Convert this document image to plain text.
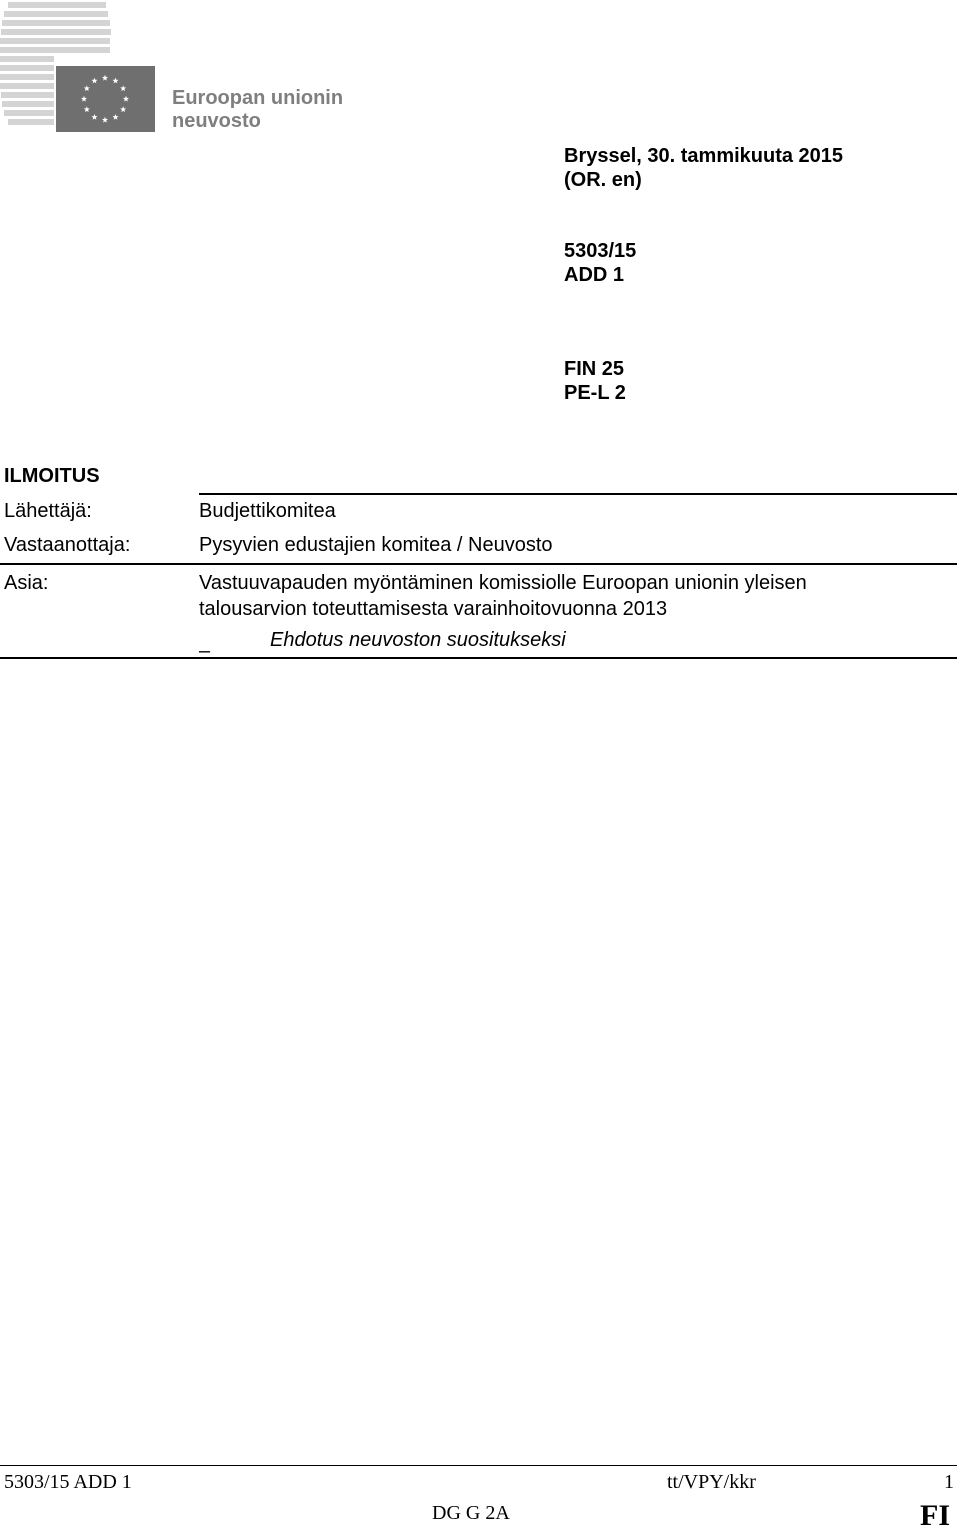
Euroopan unionin
neuvosto
Bryssel, 30. tammikuuta 2015
(OR. en)
5303/15
ADD 1
FIN 25
PE-L 2
ILMOITUS
Lähettäjä:	Budjettikomitea
Vastaanottaja:	Pysyvien edustajien komitea / Neuvosto
Asia:	Vastuuvapauden myöntäminen komissiolle Euroopan unionin yleisen
talousarvion toteuttamisesta varainhoitovuonna 2013
–	Ehdotus neuvoston suositukseksi
5303/15 ADD 1	tt/VPY/kkr	1
DG G 2A	FI
